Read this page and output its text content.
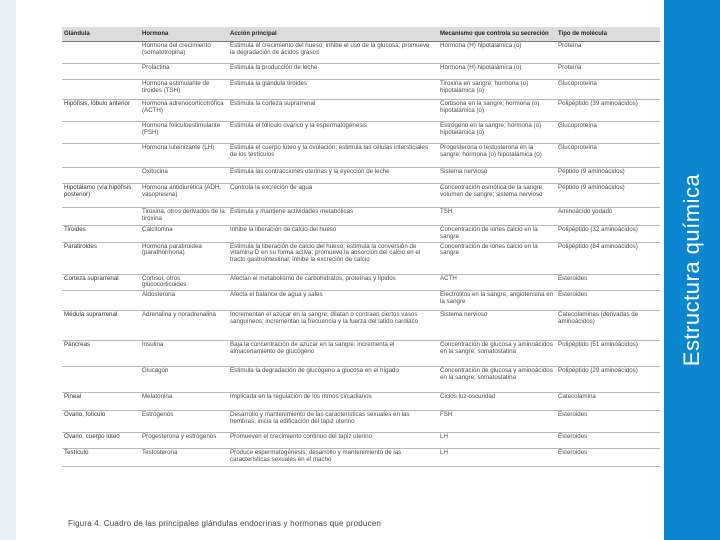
Estructura química
Glándula	Hormona	Acción principal	Mecanismo que controla su secreción	Tipo de molécula
	Hormona del crecimiento (somatotropina)	Estimula el crecimiento del hueso; inhibe el uso de la glucosa; promueve la degradación de ácidos grasos	Hormona (H) hipotalámica (o)	Proteína
	Prolactina	Estimula la producción de leche	Hormona (H) hipotalámica (o)	Proteína
	Hormona estimulante de tiroides (TSH)	Estimula la glándula tiroides	Tiroxina en sangre; hormona (o) hipotalámica (o)	Glucoproteína
Hipófisis, lóbulo anterior	Hormona adrenocorticotrófica (ACTH)	Estimula la corteza suprarrenal	Cortisona en la sangre; hormona (o) hipotalámica (o)	Polipéptido (39 aminoácidos)
	Hormona foliculoestimulante (FSH)	Estimula el folículo ovárico y la espermatogénesis	Estrógeno en la sangre; hormona (o) hipotalámica (o)	Glucoproteína
	Hormona luteinizante (LH)	Estimula el cuerpo lúteo y la ovulación; estimula las células intersticiales de los testículos	Progesterona o testosterona en la sangre; hormona (o) hipotalámica (o)	Glucoproteína
	Oxitocina	Estimula las contracciones uterinas y la eyección de leche	Sistema nervioso	Péptido (9 aminoácidos)
Hipotálamo (vía hipófisis posterior)	Hormona antidiurética (ADH, vasopresina)	Controla la excreción de agua	Concentración osmótica de la sangre; volumen de sangre; sistema nervioso	Péptido (9 aminoácidos)
	Tiroxina, otros derivados de la tiroxina	Estimula y mantiene actividades metabólicas	TSH	Aminoácido yodado
Tiroides	Calcitonina	Inhibe la liberación de calcio del hueso	Concentración de iones calcio en la sangre	Polipéptido (32 aminoácidos)
Paratiroides	Hormona paratiroidea (parathormona)	Estimula la liberación de calcio del hueso; estimula la conversión de vitamina D en su forma activa; promueve la absorción del calcio en el tracto gastrointestinal; inhibe la excreción de calcio	Concentración de iones calcio en la sangre	Polipéptido (84 aminoácidos)
Corteza suprarrenal	Cortisol, otros glucocorticoides	Afectan el metabolismo de carbohidratos, proteínas y lípidos	ACTH	Esteroides
	Aldosterona	Afecta el balance de agua y sales	Electrolitos en la sangre; angiotensina en la sangre	Esteroides
Médula suprarrenal	Adrenalina y noradrenalina	Incrementan el azúcar en la sangre; dilatan o contraen ciertos vasos sanguíneos; incrementan la frecuencia y la fuerza del latido cardiaco	Sistema nervioso	Catecolaminas (derivadas de aminoácidos)
Páncreas	Insulina	Baja la concentración de azúcar en la sangre; incrementa el almacenamiento de glucógeno	Concentración de glucosa y aminoácidos en la sangre; somatostatina	Polipéptido (51 aminoácidos)
	Glucagón	Estimula la degradación de glucógeno a glucosa en el hígado	Concentración de glucosa y aminoácidos en la sangre; somatostatina	Polipéptido (29 aminoácidos)
Pineal	Melatonina	Implicada en la regulación de los ritmos circadianos	Ciclos luz-oscuridad	Catecolamina
Ovario, folículo	Estrógenos	Desarrollo y mantenimiento de las características sexuales en las hembras; inicia la edificación del tapiz uterino	FSH	Esteroides
Ovario, cuerpo lúteo	Progesterona y estrógenos	Promueven el crecimiento continuo del tapiz uterino	LH	Esteroides
Testículo	Testosterona	Produce espermatogénesis; desarrollo y mantenimiento de las características sexuales en el macho	LH	Esteroides
Figura 4. Cuadro de las principales glándulas endocrinas y hormonas que producen
